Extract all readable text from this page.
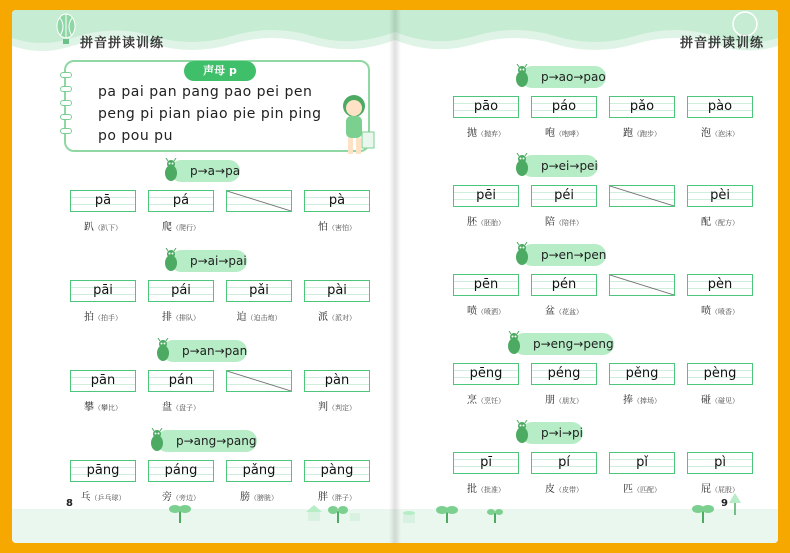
拼音拼读训练
声母 p
pa pai pan pang pao pei pen
peng pi pian piao pie pin ping
po pou pu
p→a→pa
pā
趴（趴下）
pá
爬（爬行）
pà
怕（害怕）
p→ai→pai
pāi
拍（拍手）
pái
排（排队）
pǎi
迫（迫击炮）
pài
派（派对）
p→an→pan
pān
攀（攀比）
pán
盘（盘子）
pàn
判（判定）
p→ang→pang
pāng
乓（乒乓球）
páng
旁（旁边）
pǎng
膀（膀胱）
pàng
胖（胖子）
8
拼音拼读训练
p→ao→pao
pāo
抛（抛弃）
páo
咆（咆哮）
pǎo
跑（跑步）
pào
泡（泡沫）
p→ei→pei
pēi
胚（胚胎）
péi
陪（陪伴）
pèi
配（配方）
p→en→pen
pēn
喷（喷洒）
pén
盆（花盆）
pèn
喷（喷香）
p→eng→peng
pēng
烹（烹饪）
péng
朋（朋友）
pěng
捧（捧场）
pèng
碰（碰见）
p→i→pi
pī
批（批准）
pí
皮（皮带）
pǐ
匹（匹配）
pì
屁（屁股）
9
